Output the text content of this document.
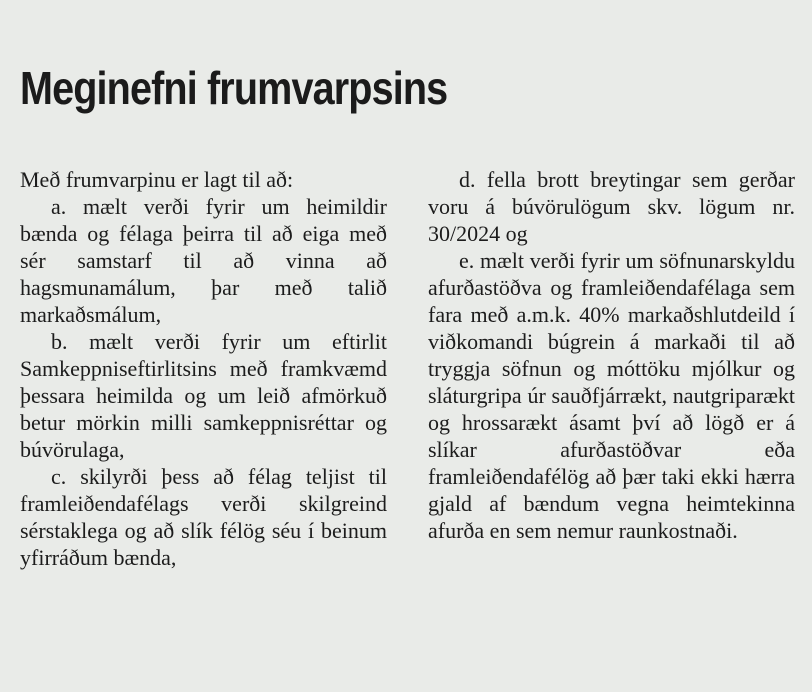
Meginefni frumvarpsins

Með frumvarpinu er lagt til að:

a. mælt verði fyrir um heimildir bænda og félaga þeirra til að eiga með sér samstarf til að vinna að hagsmunamálum, þar með talið markaðsmálum,

b. mælt verði fyrir um eftirlit Samkeppniseftirlitsins með framkvæmd þessara heimilda og um leið afmörkuð betur mörkin milli samkeppnisréttar og búvörulaga,

c. skilyrði þess að félag teljist til framleiðendafélags verði skilgreind sérstaklega og að slík félög séu í beinum yfirráðum bænda,

d. fella brott breytingar sem gerðar voru á búvörulögum skv. lögum nr. 30/2024 og

e. mælt verði fyrir um söfnunarskyldu afurðastöðva og framleiðendafélaga sem fara með a.m.k. 40% markaðshlutdeild í viðkomandi búgrein á markaði til að tryggja söfnun og móttöku mjólkur og sláturgripa úr sauðfjárrækt, nautgriparækt og hrossarækt ásamt því að lögð er á slíkar afurðastöðvar eða framleiðendafélög að þær taki ekki hærra gjald af bændum vegna heimtekinna afurða en sem nemur raunkostnaði.
